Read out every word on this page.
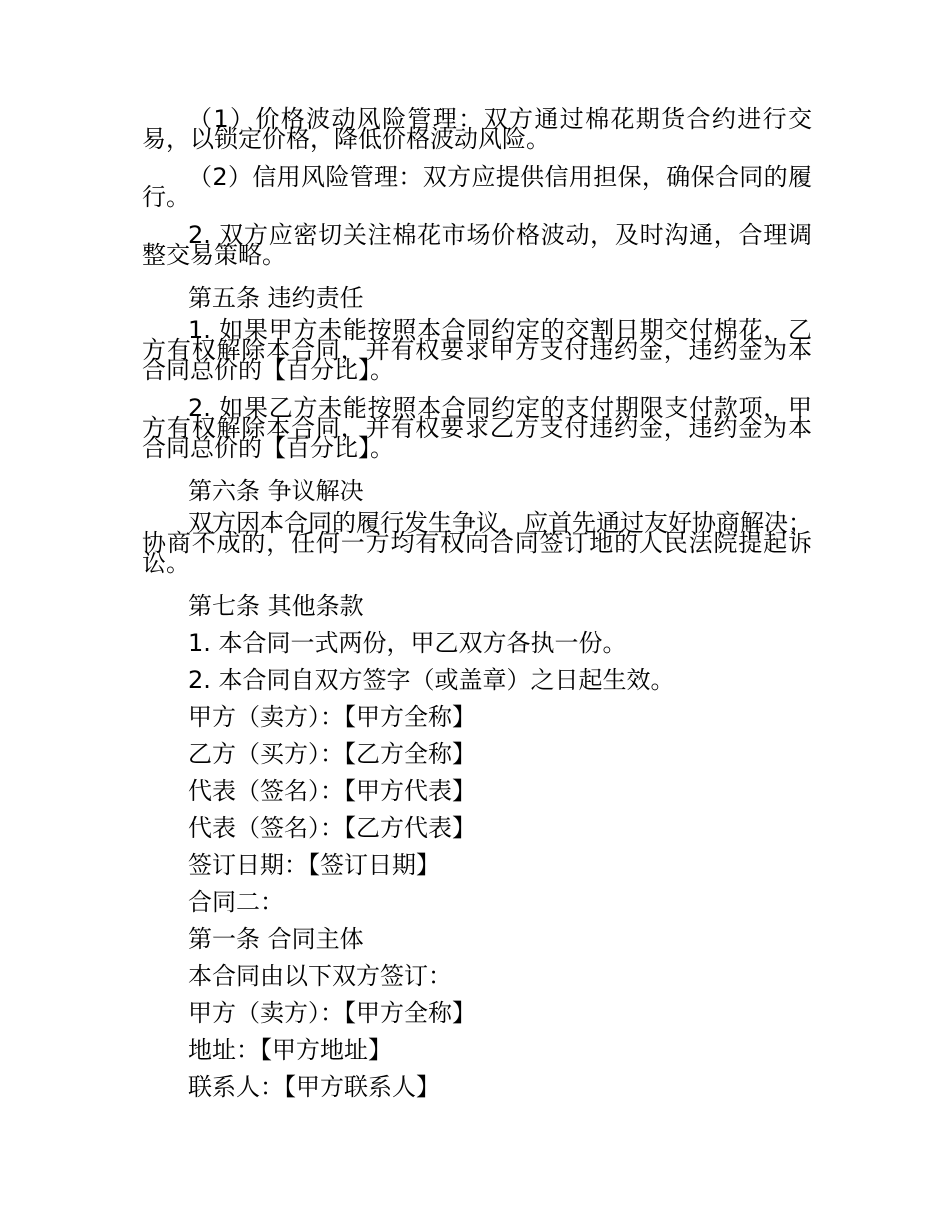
（1）价格波动风险管理：双方通过棉花期货合约进行交易，以锁定价格，降低价格波动风险。

（2）信用风险管理：双方应提供信用担保，确保合同的履行。

2. 双方应密切关注棉花市场价格波动，及时沟通，合理调整交易策略。

第五条 违约责任

1. 如果甲方未能按照本合同约定的交割日期交付棉花，乙方有权解除本合同，并有权要求甲方支付违约金，违约金为本合同总价的【百分比】。

2. 如果乙方未能按照本合同约定的支付期限支付款项，甲方有权解除本合同，并有权要求乙方支付违约金，违约金为本合同总价的【百分比】。

第六条 争议解决

双方因本合同的履行发生争议，应首先通过友好协商解决；协商不成的，任何一方均有权向合同签订地的人民法院提起诉讼。

第七条 其他条款

1. 本合同一式两份，甲乙双方各执一份。

2. 本合同自双方签字（或盖章）之日起生效。

甲方（卖方）：【甲方全称】

乙方（买方）：【乙方全称】

代表（签名）：【甲方代表】

代表（签名）：【乙方代表】

签订日期：【签订日期】

合同二：

第一条 合同主体

本合同由以下双方签订：

甲方（卖方）：【甲方全称】

地址：【甲方地址】

联系人：【甲方联系人】
